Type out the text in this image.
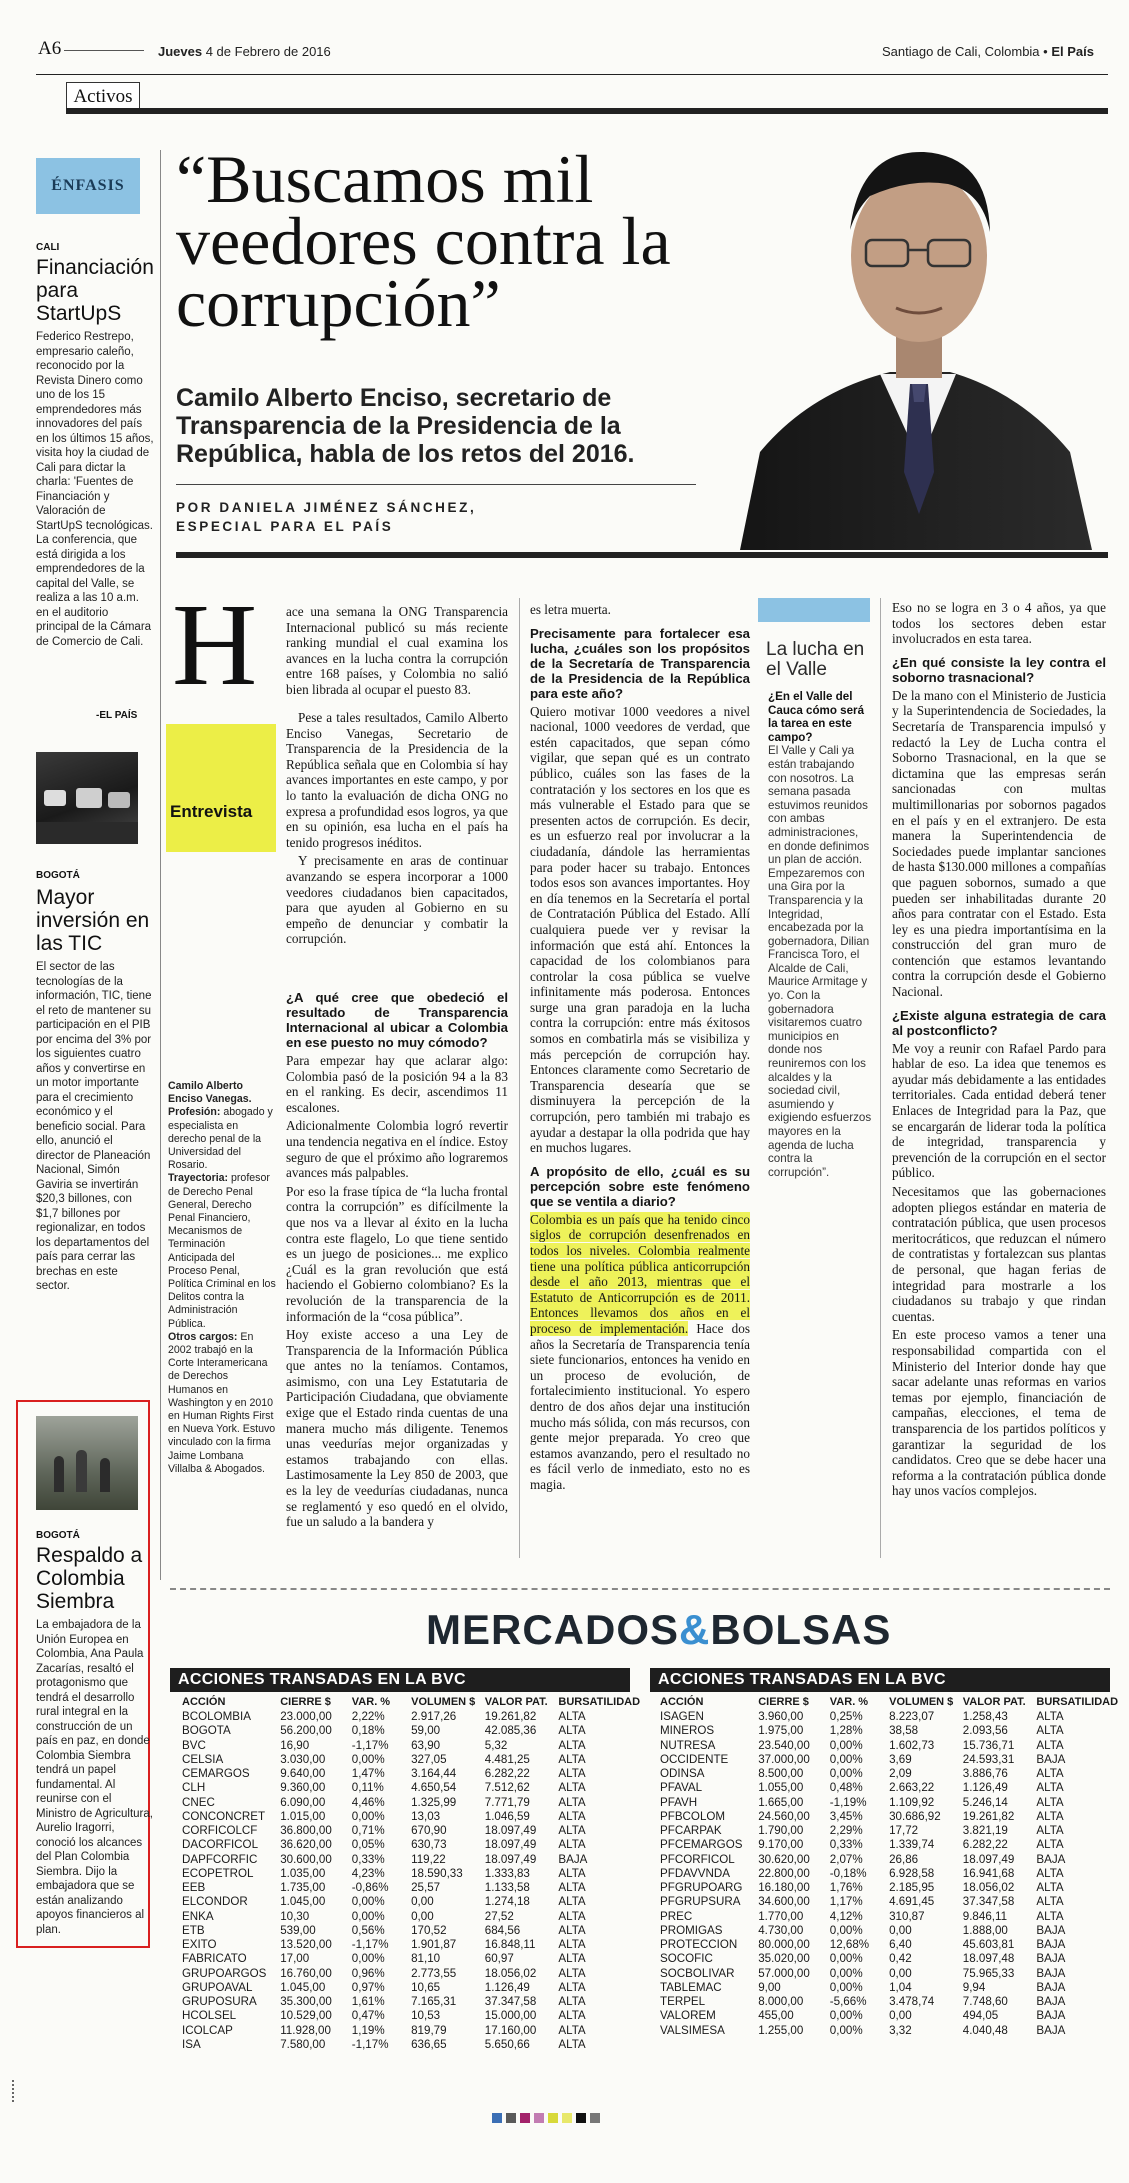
A6	Jueves 4 de Febrero de 2016	Santiago de Cali, Colombia • El País
Activos
ÉNFASIS
CALI
Financiación para StartUpS
Federico Restrepo, empresario caleño, reconocido por la Revista Dinero como uno de los 15 emprendedores más innovadores del país en los últimos 15 años, visita hoy la ciudad de Cali para dictar la charla: 'Fuentes de Financiación y Valoración de StartUpS tecnológicas. La conferencia, que está dirigida a los emprendedores de la capital del Valle, se realiza a las 10 a.m. en el auditorio principal de la Cámara de Comercio de Cali.
-EL PAÍS
BOGOTÁ
Mayor inversión en las TIC
El sector de las tecnologías de la información, TIC, tiene el reto de mantener su participación en el PIB por encima del 3% por los siguientes cuatro años y convertirse en un motor importante para el crecimiento económico y el beneficio social. Para ello, anunció el director de Planeación Nacional, Simón Gaviria se invertirán $20,3 billones, con $1,7 billones por regionalizar, en todos los departamentos del país para cerrar las brechas en este sector.
BOGOTÁ
Respaldo a Colombia Siembra
La embajadora de la Unión Europea en Colombia, Ana Paula Zacarías, resaltó el protagonismo que tendrá el desarrollo rural integral en la construcción de un país en paz, en donde Colombia Siembra tendrá un papel fundamental. Al reunirse con el Ministro de Agricultura, Aurelio Iragorri, conoció los alcances del Plan Colombia Siembra. Dijo la embajadora que se están analizando apoyos financieros al plan.
“Buscamos mil veedores contra la corrupción”
Camilo Alberto Enciso, secretario de Transparencia de la Presidencia de la República, habla de los retos del 2016.
POR DANIELA JIMÉNEZ SÁNCHEZ,
ESPECIAL PARA EL PAÍS
H ace una semana la ONG Transparencia Internacional publicó su más reciente ranking mundial el cual examina los avances en la lucha contra la corrupción entre 168 países, y Colombia no salió bien librada al ocupar el puesto 83.

Pese a tales resultados, Camilo Alberto Enciso Vanegas, Secretario de Transparencia de la Presidencia de la República señala que en Colombia sí hay avances importantes en este campo, y por lo tanto la evaluación de dicha ONG no expresa a profundidad esos logros, ya que en su opinión, esa lucha en el país ha tenido progresos inéditos.

Y precisamente en aras de continuar avanzando se espera incorporar a 1000 veedores ciudadanos bien capacitados, para que ayuden al Gobierno en su empeño de denunciar y combatir la corrupción.

Entrevista

¿A qué cree que obedeció el resultado de Transparencia Internacional al ubicar a Colombia en ese puesto no muy cómodo?

Para empezar hay que aclarar algo: Colombia pasó de la posición 94 a la 83 en el ranking. Es decir, ascendimos 11 escalones.

Adicionalmente Colombia logró revertir una tendencia negativa en el índice. Estoy seguro de que el próximo año lograremos avances más palpables.

Por eso la frase típica de “la lucha frontal contra la corrupción” es difícilmente la que nos va a llevar al éxito en la lucha contra este flagelo, Lo que tiene sentido es un juego de posiciones... me explico ¿Cuál es la gran revolución que está haciendo el Gobierno colombiano? Es la revolución de la transparencia de la información de la “cosa pública”.

Hoy existe acceso a una Ley de Transparencia de la Información Pública que antes no la teníamos. Contamos, asimismo, con una Ley Estatutaria de Participación Ciudadana, que obviamente exige que el Estado rinda cuentas de una manera mucho más diligente. Tenemos unas veedurías mejor organizadas y estamos trabajando con ellas. Lastimosamente la Ley 850 de 2003, que es la ley de veedurías ciudadanas, nunca se reglamentó y eso quedó en el olvido, fue un saludo a la bandera y

Camilo Alberto Enciso Vanegas.
Profesión: abogado y especialista en derecho penal de la Universidad del Rosario.
Trayectoria: profesor de Derecho Penal General, Derecho Penal Financiero, Mecanismos de Terminación Anticipada del Proceso Penal, Política Criminal en los Delitos contra la Administración Pública.
Otros cargos: En 2002 trabajó en la Corte Interamericana de Derechos Humanos en Washington y en 2010 en Human Rights First en Nueva York. Estuvo vinculado con la firma Jaime Lombana Villalba & Abogados.

es letra muerta.

Precisamente para fortalecer esa lucha, ¿cuáles son los propósitos de la Secretaría de Transparencia de la Presidencia de la República para este año?

Quiero motivar 1000 veedores a nivel nacional, 1000 veedores de verdad, que estén capacitados, que sepan cómo vigilar, que sepan qué es un contrato público, cuáles son las fases de la contratación y los sectores en los que es más vulnerable el Estado para que se presenten actos de corrupción. Es decir, es un esfuerzo real por involucrar a la ciudadanía, dándole las herramientas para poder hacer su trabajo. Entonces todos esos son avances importantes. Hoy en día tenemos en la Secretaría el portal de Contratación Pública del Estado. Allí cualquiera puede ver y revisar la información que está ahí. Entonces la capacidad de los colombianos para controlar la cosa pública se vuelve infinitamente más poderosa. Entonces surge una gran paradoja en la lucha contra la corrupción: entre más éxitosos somos en combatirla más se visibiliza y más percepción de corrupción hay. Entonces claramente como Secretario de Transparencia desearía que se disminuyera la percepción de la corrupción, pero también mi trabajo es ayudar a destapar la olla podrida que hay en muchos lugares.

A propósito de ello, ¿cuál es su percepción sobre este fenómeno que se ventila a diario?

Colombia es un país que ha tenido cinco siglos de corrupción desenfrenados en todos los niveles. Colombia realmente tiene una política pública anticorrupción desde el año 2013, mientras que el Estatuto de Anticorrupción es de 2011. Entonces llevamos dos años en el proceso de implementación. Hace dos años la Secretaría de Transparencia tenía siete funcionarios, entonces ha venido en un proceso de evolución, de fortalecimiento institucional. Yo espero dentro de dos años dejar una institución mucho más sólida, con más recursos, con gente mejor preparada. Yo creo que estamos avanzando, pero el resultado no es fácil verlo de inmediato, esto no es magia.

La lucha en el Valle
¿En el Valle del Cauca cómo será la tarea en este campo?
El Valle y Cali ya están trabajando con nosotros. La semana pasada estuvimos reunidos con ambas administraciones, en donde definimos un plan de acción. Empezaremos con una Gira por la Transparencia y la Integridad, encabezada por la gobernadora, Dilian Francisca Toro, el Alcalde de Cali, Maurice Armitage y yo. Con la gobernadora visitaremos cuatro municipios en donde nos reuniremos con los alcaldes y la sociedad civil, asumiendo y exigiendo esfuerzos mayores en la agenda de lucha contra la corrupción”.

Eso no se logra en 3 o 4 años, ya que todos los sectores deben estar involucrados en esta tarea.

¿En qué consiste la ley contra el soborno trasnacional?

De la mano con el Ministerio de Justicia y la Superintendencia de Sociedades, la Secretaría de Transparencia impulsó y redactó la Ley de Lucha contra el Soborno Trasnacional, en la que se dictamina que las empresas serán sancionadas con multas multimillonarias por sobornos pagados en el país y en el extranjero. De esta manera la Superintendencia de Sociedades puede implantar sanciones de hasta $130.000 millones a compañías que paguen sobornos, sumado a que pueden ser inhabilitadas durante 20 años para contratar con el Estado. Esta ley es una piedra importantísima en la construcción del gran muro de contención que estamos levantando contra la corrupción desde el Gobierno Nacional.

¿Existe alguna estrategia de cara al postconflicto?

Me voy a reunir con Rafael Pardo para hablar de eso. La idea que tenemos es ayudar más debidamente a las entidades territoriales. Cada entidad deberá tener Enlaces de Integridad para la Paz, que se encargarán de liderar toda la política de integridad, transparencia y prevención de la corrupción en el sector público.

Necesitamos que las gobernaciones adopten pliegos estándar en materia de contratación pública, que usen procesos meritocráticos, que reduzcan el número de contratistas y fortalezcan sus plantas de personal, que hagan ferias de integridad para mostrarle a los ciudadanos su trabajo y que rindan cuentas.

En este proceso vamos a tener una responsabilidad compartida con el Ministerio del Interior donde hay que sacar adelante unas reformas en varios temas por ejemplo, financiación de campañas, elecciones, el tema de transparencia de los partidos políticos y garantizar la seguridad de los candidatos. Creo que se debe hacer una reforma a la contratación pública donde hay unos vacíos complejos.

MERCADOS&BOLSAS
ACCIONES TRANSADAS EN LA BVC	ACCIONES TRANSADAS EN LA BVC
ACCIÓN	CIERRE $	VAR. %	VOLUMEN $	VALOR PAT.	BURSATILIDAD
BCOLOMBIA	23.000,00	2,22%	2.917,26	19.261,82	ALTA
BOGOTA	56.200,00	0,18%	59,00	42.085,36	ALTA
BVC	16,90	-1,17%	63,90	5,32	ALTA
CELSIA	3.030,00	0,00%	327,05	4.481,25	ALTA
CEMARGOS	9.640,00	1,47%	3.164,44	6.282,22	ALTA
CLH	9.360,00	0,11%	4.650,54	7.512,62	ALTA
CNEC	6.090,00	4,46%	1.325,99	7.771,79	ALTA
CONCONCRET	1.015,00	0,00%	13,03	1.046,59	ALTA
CORFICOLCF	36.800,00	0,71%	670,90	18.097,49	ALTA
DACORFICOL	36.620,00	0,05%	630,73	18.097,49	ALTA
DAPFCORFIC	30.600,00	0,33%	119,22	18.097,49	BAJA
ECOPETROL	1.035,00	4,23%	18.590,33	1.333,83	ALTA
EEB	1.735,00	-0,86%	25,57	1.133,58	ALTA
ELCONDOR	1.045,00	0,00%	0,00	1.274,18	ALTA
ENKA	10,30	0,00%	0,00	27,52	ALTA
ETB	539,00	0,56%	170,52	684,56	ALTA
EXITO	13.520,00	-1,17%	1.901,87	16.848,11	ALTA
FABRICATO	17,00	0,00%	81,10	60,97	ALTA
GRUPOARGOS	16.760,00	0,96%	2.773,55	18.056,02	ALTA
GRUPOAVAL	1.045,00	0,97%	10,65	1.126,49	ALTA
GRUPOSURA	35.300,00	1,61%	7.165,31	37.347,58	ALTA
HCOLSEL	10.529,00	0,47%	10,53	15.000,00	ALTA
ICOLCAP	11.928,00	1,19%	819,79	17.160,00	ALTA
ISA	7.580,00	-1,17%	636,65	5.650,66	ALTA
ACCIÓN	CIERRE $	VAR. %	VOLUMEN $	VALOR PAT.	BURSATILIDAD
ISAGEN	3.960,00	0,25%	8.223,07	1.258,43	ALTA
MINEROS	1.975,00	1,28%	38,58	2.093,56	ALTA
NUTRESA	23.540,00	0,00%	1.602,73	15.736,71	ALTA
OCCIDENTE	37.000,00	0,00%	3,69	24.593,31	BAJA
ODINSA	8.500,00	0,00%	2,09	3.886,76	ALTA
PFAVAL	1.055,00	0,48%	2.663,22	1.126,49	ALTA
PFAVH	1.665,00	-1,19%	1.109,92	5.246,14	ALTA
PFBCOLOM	24.560,00	3,45%	30.686,92	19.261,82	ALTA
PFCARPAK	1.790,00	2,29%	17,72	3.821,19	ALTA
PFCEMARGOS	9.170,00	0,33%	1.339,74	6.282,22	ALTA
PFCORFICOL	30.620,00	2,07%	26,86	18.097,49	BAJA
PFDAVVNDA	22.800,00	-0,18%	6.928,58	16.941,68	ALTA
PFGRUPOARG	16.180,00	1,76%	2.185,95	18.056,02	ALTA
PFGRUPSURA	34.600,00	1,17%	4.691,45	37.347,58	ALTA
PREC	1.770,00	4,12%	310,87	9.846,11	ALTA
PROMIGAS	4.730,00	0,00%	0,00	1.888,00	BAJA
PROTECCION	80.000,00	12,68%	6,40	45.603,81	BAJA
SOCOFIC	35.020,00	0,00%	0,42	18.097,48	BAJA
SOCBOLIVAR	57.000,00	0,00%	0,00	75.965,33	BAJA
TABLEMAC	9,00	0,00%	1,04	9,94	BAJA
TERPEL	8.000,00	-5,66%	3.478,74	7.748,60	BAJA
VALOREM	455,00	0,00%	0,00	494,05	BAJA
VALSIMESA	1.255,00	0,00%	3,32	4.040,48	BAJA
